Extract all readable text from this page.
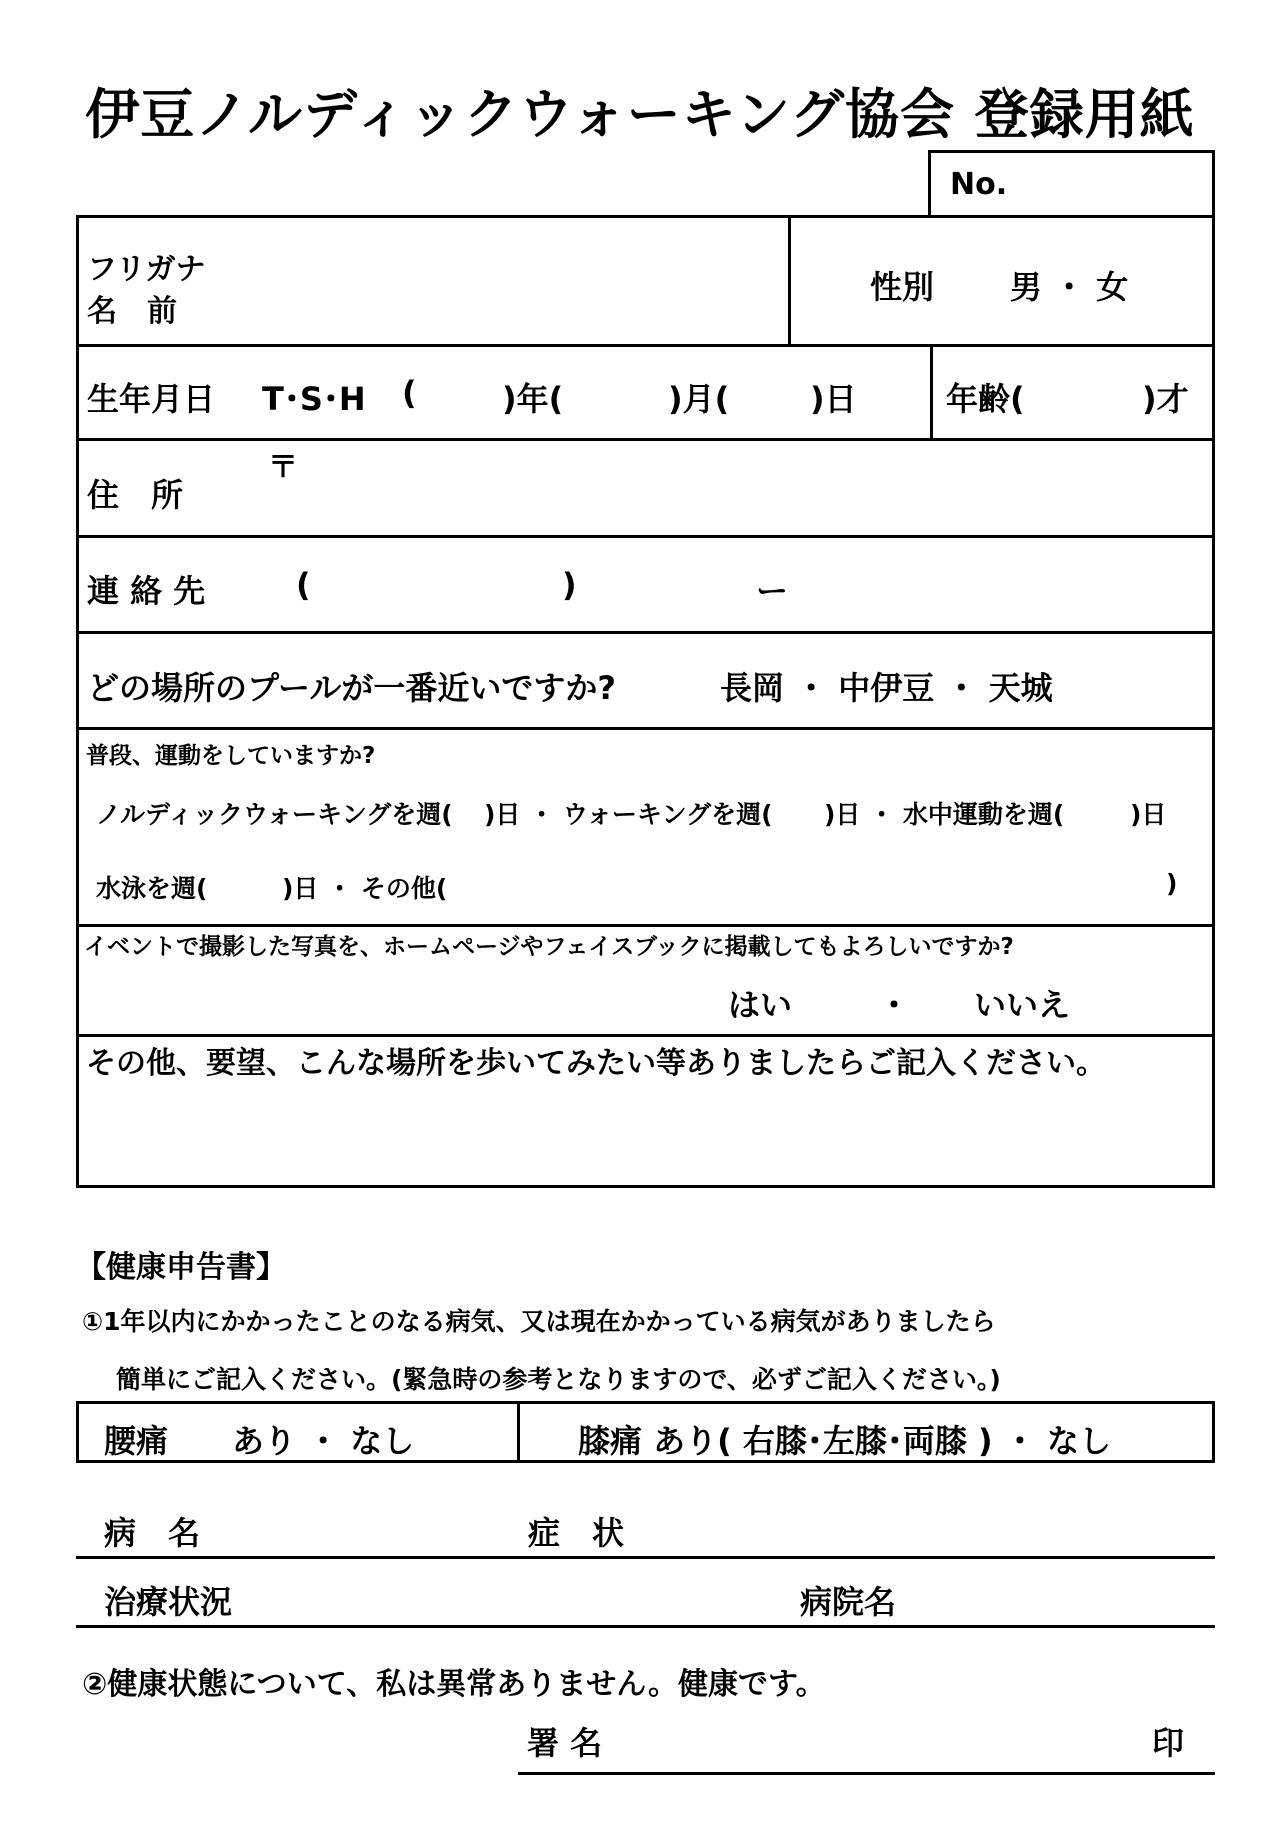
伊豆ノルディックウォーキング協会 登録用紙
No.
フリガナ
名　前
性別 男 ・ 女
生年月日 T･S･H (	)年(	)月(	)日	年齢(	)才
〒
住　所
連 絡 先	(	)	ー
どの場所のプールが一番近いですか?	長岡 ・ 中伊豆 ・ 天城
普段、運動をしていますか?
ノルディックウォーキングを週( )日 ・ ウォーキングを週( )日 ・ 水中運動を週(	)日
水泳を週(	)日 ・ その他(	)
イベントで撮影した写真を、ホームページやフェイスブックに掲載してもよろしいですか?
はい	・ いいえ
その他、要望、こんな場所を歩いてみたい等ありましたらご記入ください。
【健康申告書】
①1年以内にかかったことのなる病気、又は現在かかっている病気がありましたら
簡単にご記入ください。(緊急時の参考となりますので、必ずご記入ください。)
腰痛　　あり ・ なし	膝痛 あり( 右膝･左膝･両膝 ) ・ なし
病　名	症　状
治療状況	病院名
②健康状態について、私は異常ありません。健康です。
署 名	印
